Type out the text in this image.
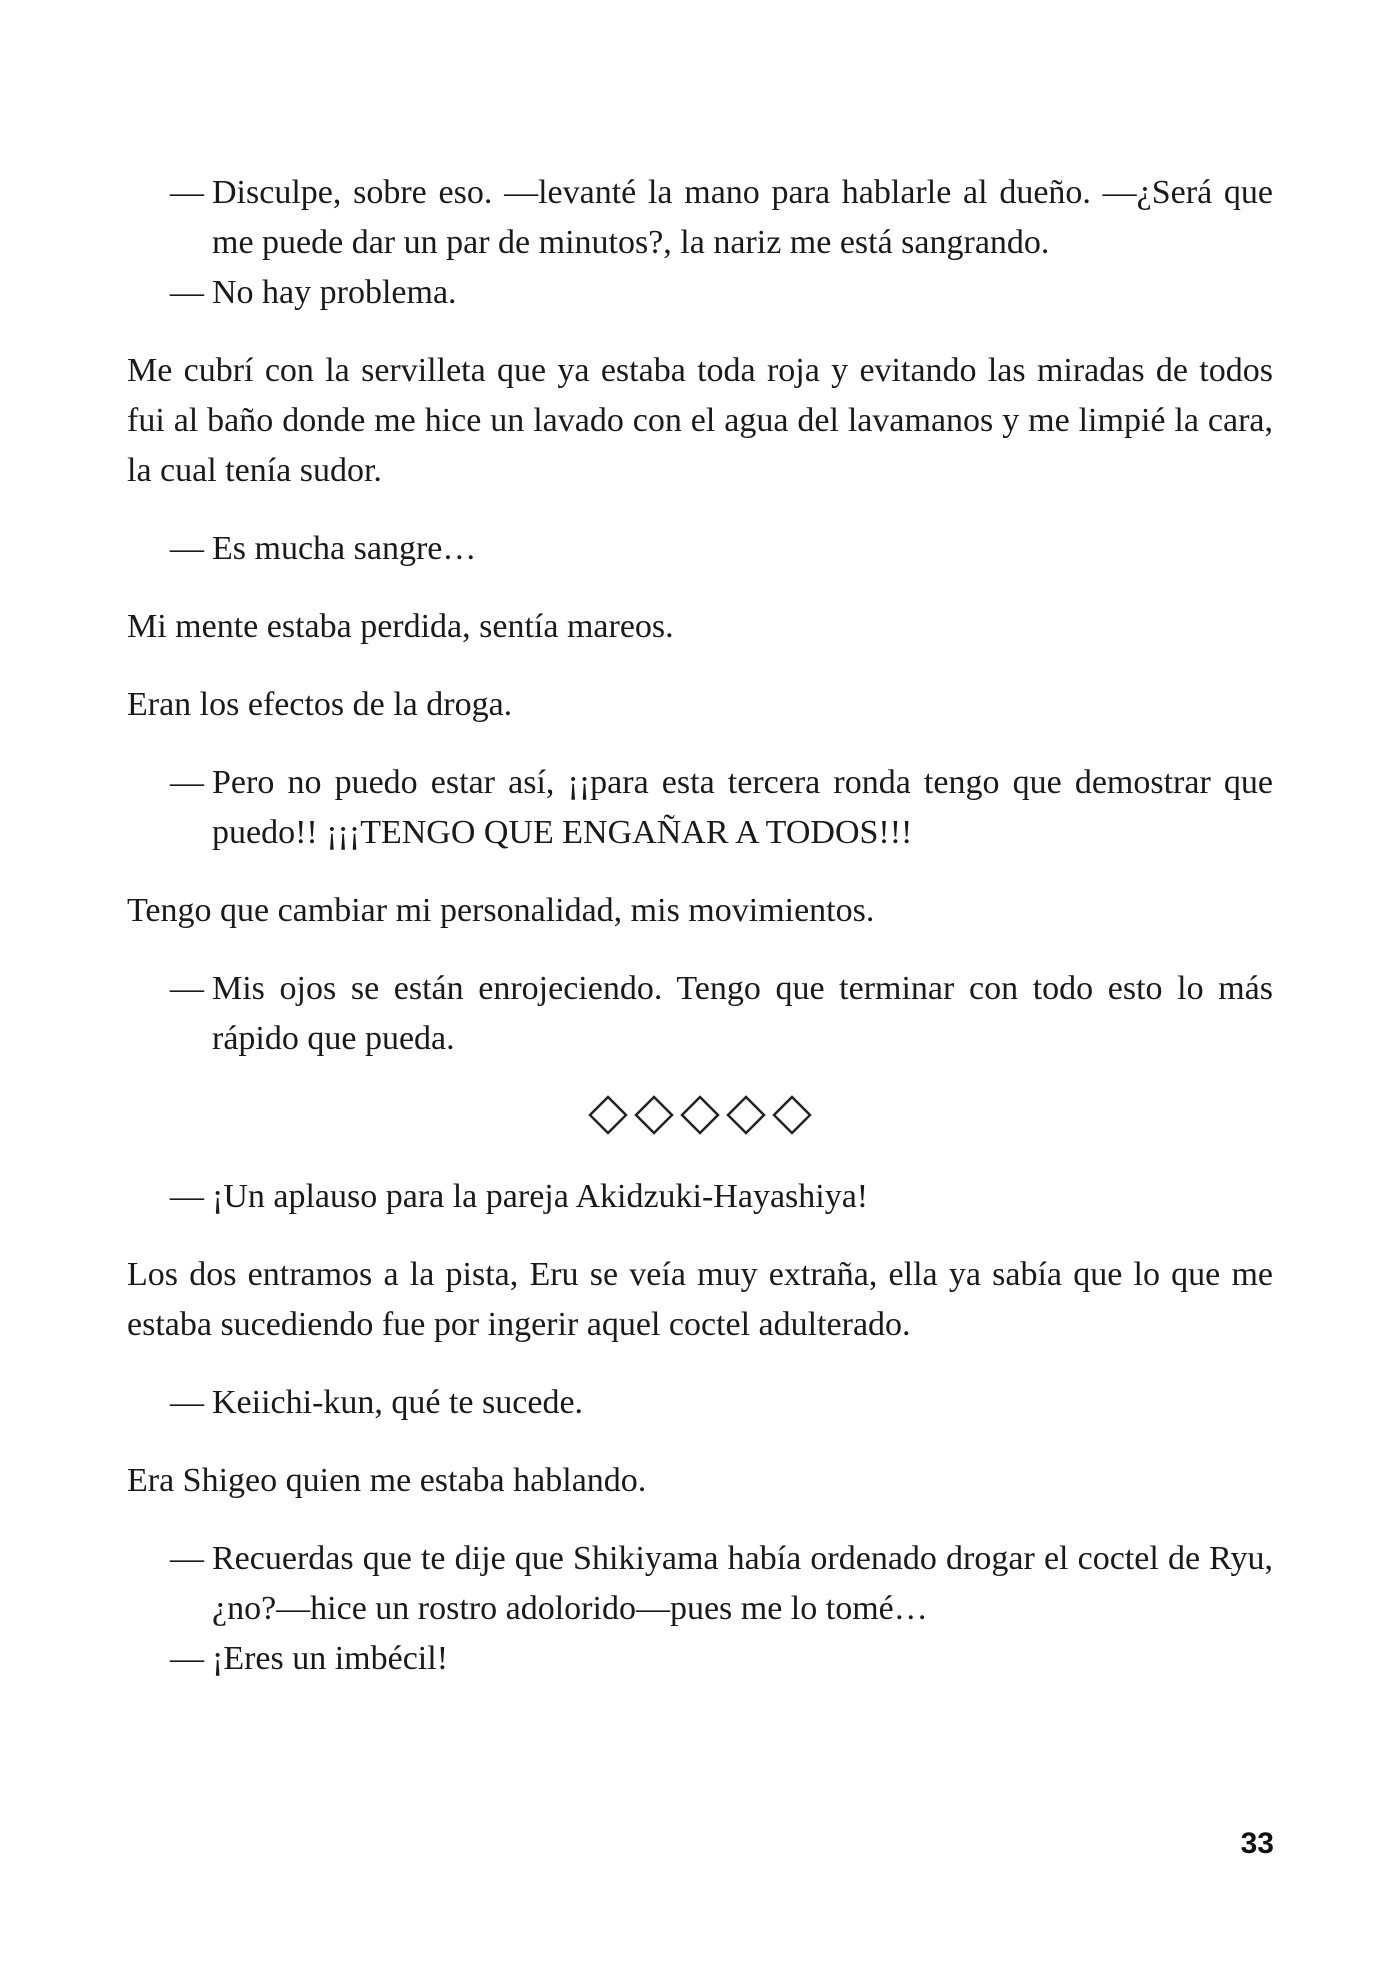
— Disculpe, sobre eso. —levanté la mano para hablarle al dueño. —¿Será que me puede dar un par de minutos?, la nariz me está sangrando.

— No hay problema.

Me cubrí con la servilleta que ya estaba toda roja y evitando las miradas de todos fui al baño donde me hice un lavado con el agua del lavamanos y me limpié la cara, la cual tenía sudor.

— Es mucha sangre…

Mi mente estaba perdida, sentía mareos.

Eran los efectos de la droga.

— Pero no puedo estar así, ¡¡para esta tercera ronda tengo que demostrar que puedo!! ¡¡¡TENGO QUE ENGAÑAR A TODOS!!!

Tengo que cambiar mi personalidad, mis movimientos.

— Mis ojos se están enrojeciendo. Tengo que terminar con todo esto lo más rápido que pueda.

— ¡Un aplauso para la pareja Akidzuki-Hayashiya!

Los dos entramos a la pista, Eru se veía muy extraña, ella ya sabía que lo que me estaba sucediendo fue por ingerir aquel coctel adulterado.

— Keiichi-kun, qué te sucede.

Era Shigeo quien me estaba hablando.

— Recuerdas que te dije que Shikiyama había ordenado drogar el coctel de Ryu, ¿no?—hice un rostro adolorido—pues me lo tomé…

— ¡Eres un imbécil!

33
